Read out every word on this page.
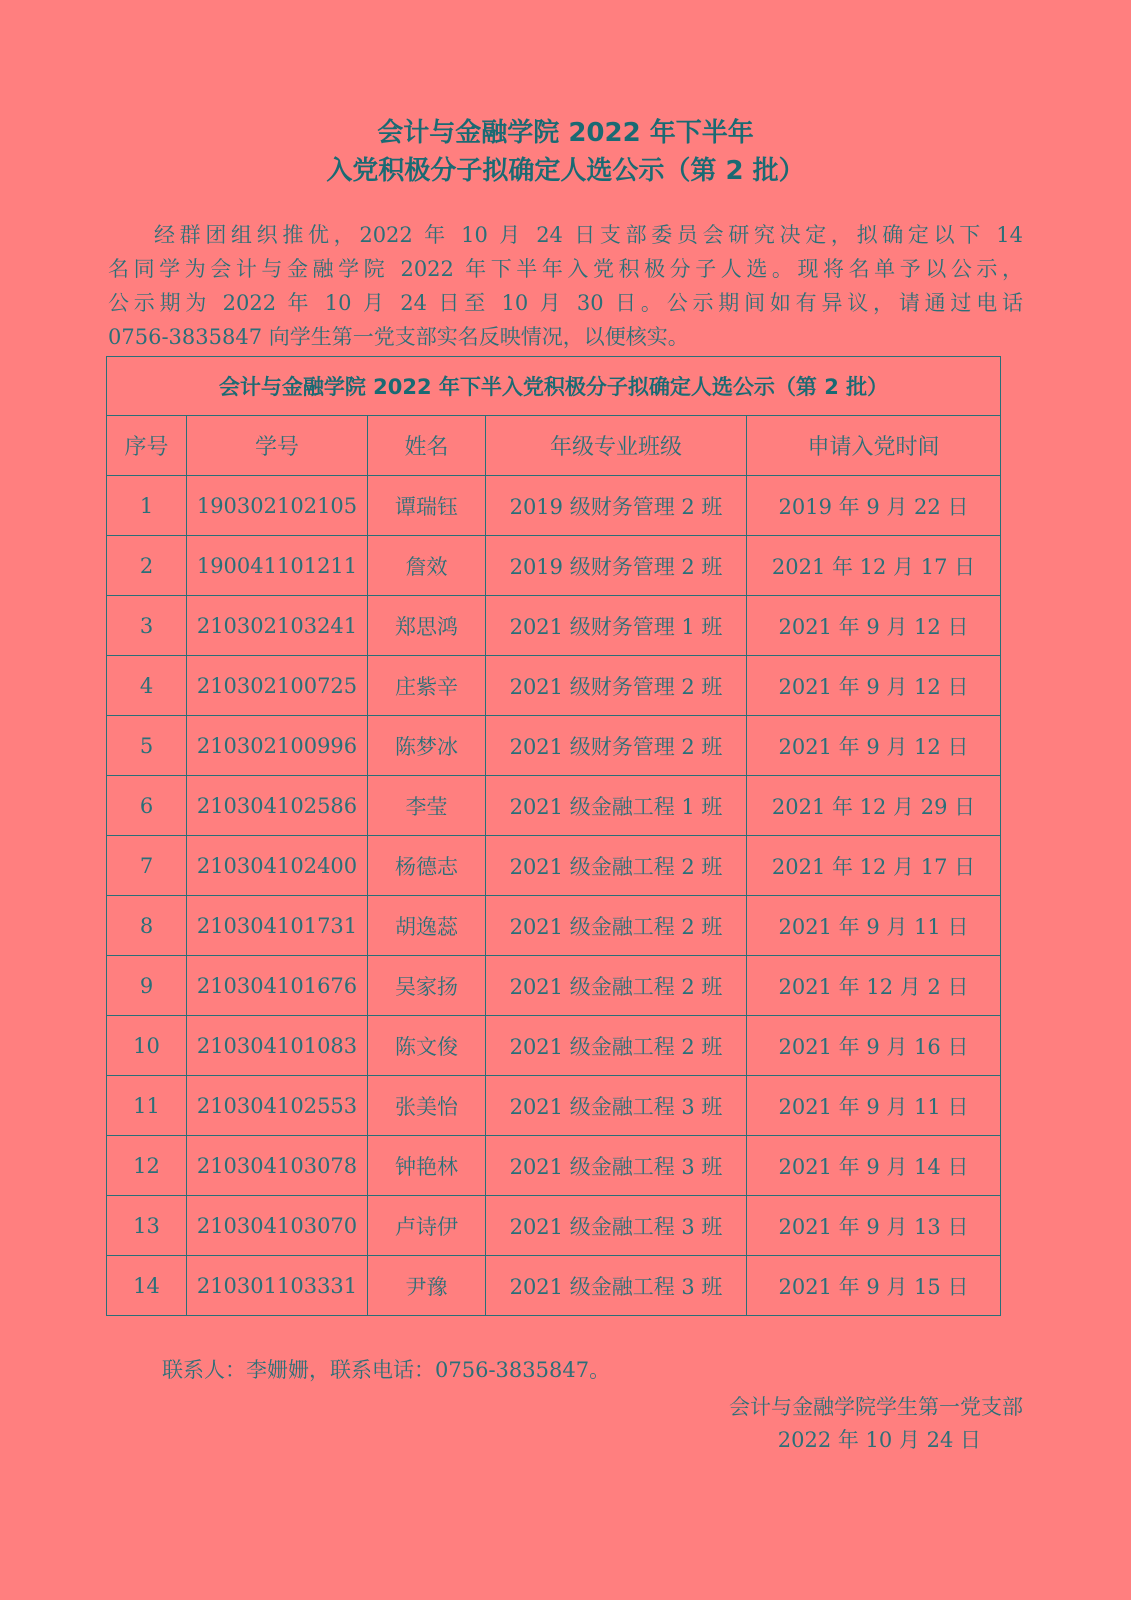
会计与金融学院 2022 年下半年
入党积极分子拟确定人选公示（第 2 批）
经群团组织推优，2022 年 10 月 24 日支部委员会研究决定，拟确定以下 14
名同学为会计与金融学院 2022 年下半年入党积极分子人选。现将名单予以公示，
公示期为 2022 年 10 月 24 日至 10 月 30 日。公示期间如有异议，请通过电话
0756-3835847 向学生第一党支部实名反映情况，以便核实。
会计与金融学院 2022 年下半入党积极分子拟确定人选公示（第 2 批）				
序号	学号	姓名	年级专业班级	申请入党时间
1	190302102105	谭瑞钰	2019 级财务管理 2 班	2019 年 9 月 22 日
2	190041101211	詹效	2019 级财务管理 2 班	2021 年 12 月 17 日
3	210302103241	郑思鸿	2021 级财务管理 1 班	2021 年 9 月 12 日
4	210302100725	庄紫辛	2021 级财务管理 2 班	2021 年 9 月 12 日
5	210302100996	陈梦冰	2021 级财务管理 2 班	2021 年 9 月 12 日
6	210304102586	李莹	2021 级金融工程 1 班	2021 年 12 月 29 日
7	210304102400	杨德志	2021 级金融工程 2 班	2021 年 12 月 17 日
8	210304101731	胡逸蕊	2021 级金融工程 2 班	2021 年 9 月 11 日
9	210304101676	吴家扬	2021 级金融工程 2 班	2021 年 12 月 2 日
10	210304101083	陈文俊	2021 级金融工程 2 班	2021 年 9 月 16 日
11	210304102553	张美怡	2021 级金融工程 3 班	2021 年 9 月 11 日
12	210304103078	钟艳林	2021 级金融工程 3 班	2021 年 9 月 14 日
13	210304103070	卢诗伊	2021 级金融工程 3 班	2021 年 9 月 13 日
14	210301103331	尹豫	2021 级金融工程 3 班	2021 年 9 月 15 日
联系人：李姗姗，联系电话：0756-3835847。
会计与金融学院学生第一党支部
2022 年 10 月 24 日
